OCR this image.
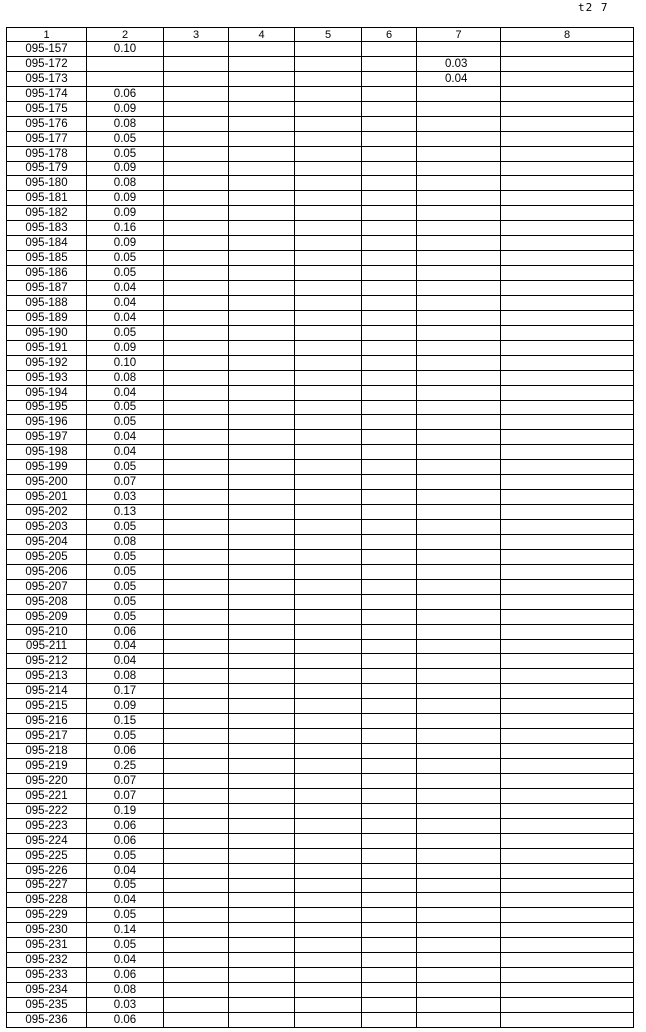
t2 7
1	2	3	4	5	6	7	8
095-157	0.10						
095-172						0.03	
095-173						0.04	
095-174	0.06						
095-175	0.09						
095-176	0.08						
095-177	0.05						
095-178	0.05						
095-179	0.09						
095-180	0.08						
095-181	0.09						
095-182	0.09						
095-183	0.16						
095-184	0.09						
095-185	0.05						
095-186	0.05						
095-187	0.04						
095-188	0.04						
095-189	0.04						
095-190	0.05						
095-191	0.09						
095-192	0.10						
095-193	0.08						
095-194	0.04						
095-195	0.05						
095-196	0.05						
095-197	0.04						
095-198	0.04						
095-199	0.05						
095-200	0.07						
095-201	0.03						
095-202	0.13						
095-203	0.05						
095-204	0.08						
095-205	0.05						
095-206	0.05						
095-207	0.05						
095-208	0.05						
095-209	0.05						
095-210	0.06						
095-211	0.04						
095-212	0.04						
095-213	0.08						
095-214	0.17						
095-215	0.09						
095-216	0.15						
095-217	0.05						
095-218	0.06						
095-219	0.25						
095-220	0.07						
095-221	0.07						
095-222	0.19						
095-223	0.06						
095-224	0.06						
095-225	0.05						
095-226	0.04						
095-227	0.05						
095-228	0.04						
095-229	0.05						
095-230	0.14						
095-231	0.05						
095-232	0.04						
095-233	0.06						
095-234	0.08						
095-235	0.03						
095-236	0.06						
